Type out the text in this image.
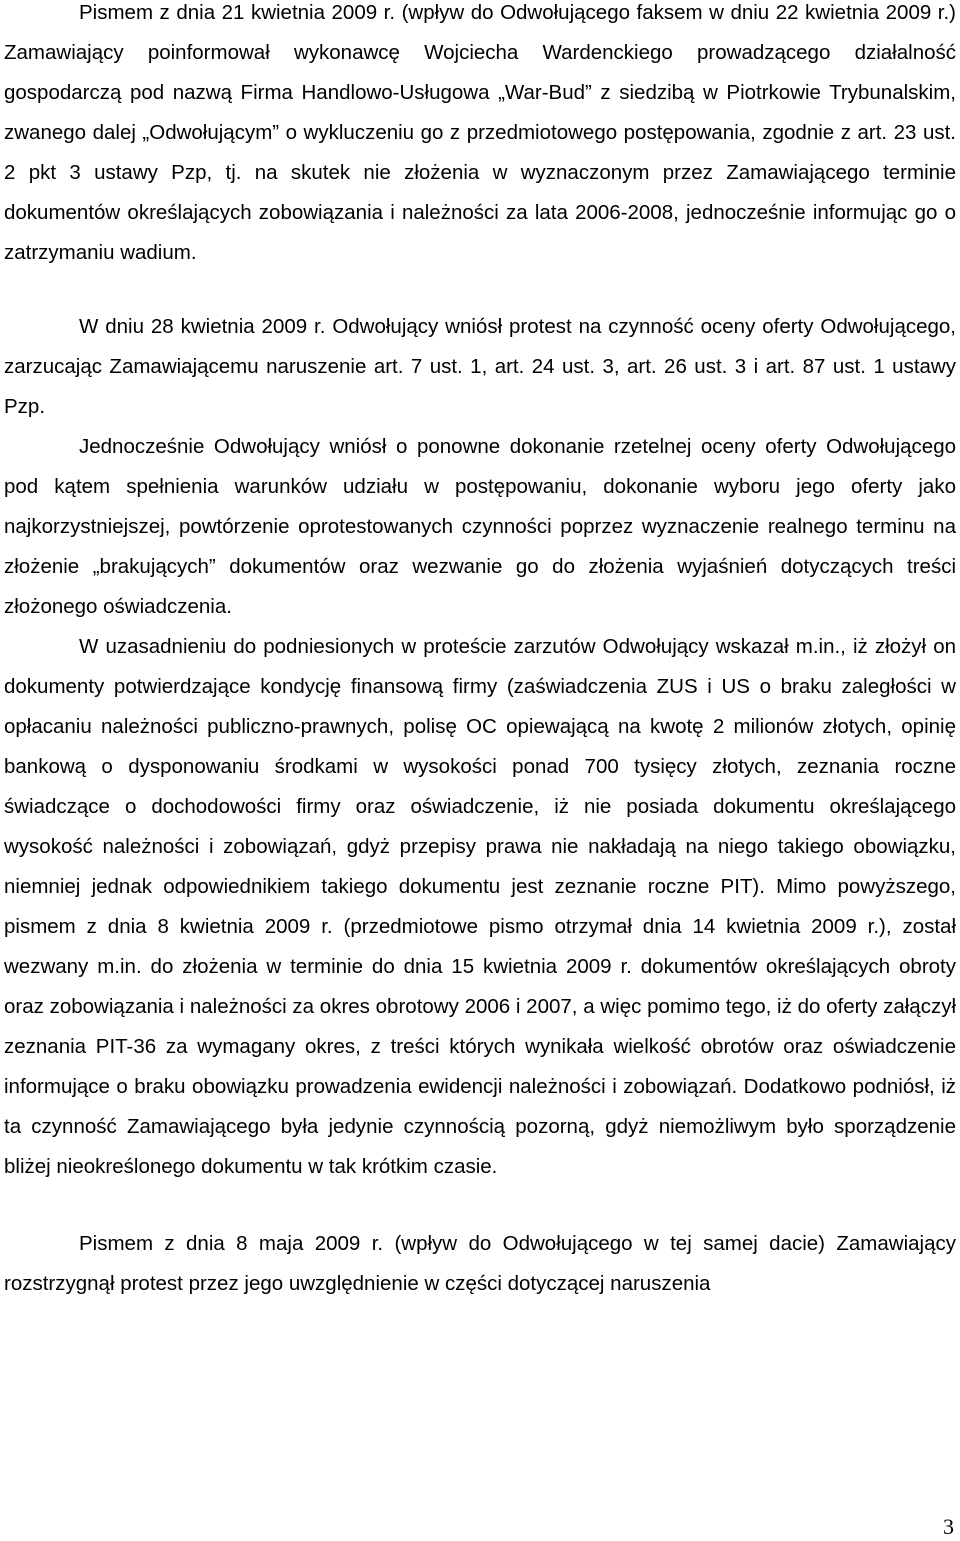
Pismem z dnia 21 kwietnia 2009 r. (wpływ do Odwołującego faksem w dniu 22 kwietnia 2009 r.) Zamawiający poinformował wykonawcę Wojciecha Wardenckiego prowadzącego działalność gospodarczą pod nazwą Firma Handlowo-Usługowa „War-Bud” z siedzibą w Piotrkowie Trybunalskim, zwanego dalej „Odwołującym” o wykluczeniu go z przedmiotowego postępowania, zgodnie z art. 23 ust. 2 pkt 3 ustawy Pzp, tj. na skutek nie złożenia w wyznaczonym przez Zamawiającego terminie dokumentów określających zobowiązania i należności za lata 2006-2008, jednocześnie informując go o zatrzymaniu wadium.

W dniu 28 kwietnia 2009 r. Odwołujący wniósł protest na czynność oceny oferty Odwołującego, zarzucając Zamawiającemu naruszenie art. 7 ust. 1, art. 24 ust. 3, art. 26 ust. 3 i art. 87 ust. 1 ustawy Pzp.

Jednocześnie Odwołujący wniósł o ponowne dokonanie rzetelnej oceny oferty Odwołującego pod kątem spełnienia warunków udziału w postępowaniu, dokonanie wyboru jego oferty jako najkorzystniejszej, powtórzenie oprotestowanych czynności poprzez wyznaczenie realnego terminu na złożenie „brakujących” dokumentów oraz wezwanie go do złożenia wyjaśnień dotyczących treści złożonego oświadczenia.

W uzasadnieniu do podniesionych w proteście zarzutów Odwołujący wskazał m.in., iż złożył on dokumenty potwierdzające kondycję finansową firmy (zaświadczenia ZUS i US o braku zaległości w opłacaniu należności publiczno-prawnych, polisę OC opiewającą na kwotę 2 milionów złotych, opinię bankową o dysponowaniu środkami w wysokości ponad 700 tysięcy złotych, zeznania roczne świadczące o dochodowości firmy oraz oświadczenie, iż nie posiada dokumentu określającego wysokość należności i zobowiązań, gdyż przepisy prawa nie nakładają na niego takiego obowiązku, niemniej jednak odpowiednikiem takiego dokumentu jest zeznanie roczne PIT). Mimo powyższego, pismem z dnia 8 kwietnia 2009 r. (przedmiotowe pismo otrzymał dnia 14 kwietnia 2009 r.), został wezwany m.in. do złożenia w terminie do dnia 15 kwietnia 2009 r. dokumentów określających obroty oraz zobowiązania i należności za okres obrotowy 2006 i 2007, a więc pomimo tego, iż do oferty załączył zeznania PIT-36 za wymagany okres, z treści których wynikała wielkość obrotów oraz oświadczenie informujące o braku obowiązku prowadzenia ewidencji należności i zobowiązań. Dodatkowo podniósł, iż ta czynność Zamawiającego była jedynie czynnością pozorną, gdyż niemożliwym było sporządzenie bliżej nieokreślonego dokumentu w tak krótkim czasie.

Pismem z dnia 8 maja 2009 r. (wpływ do Odwołującego w tej samej dacie) Zamawiający rozstrzygnął protest przez jego uwzględnienie w części dotyczącej naruszenia

3
